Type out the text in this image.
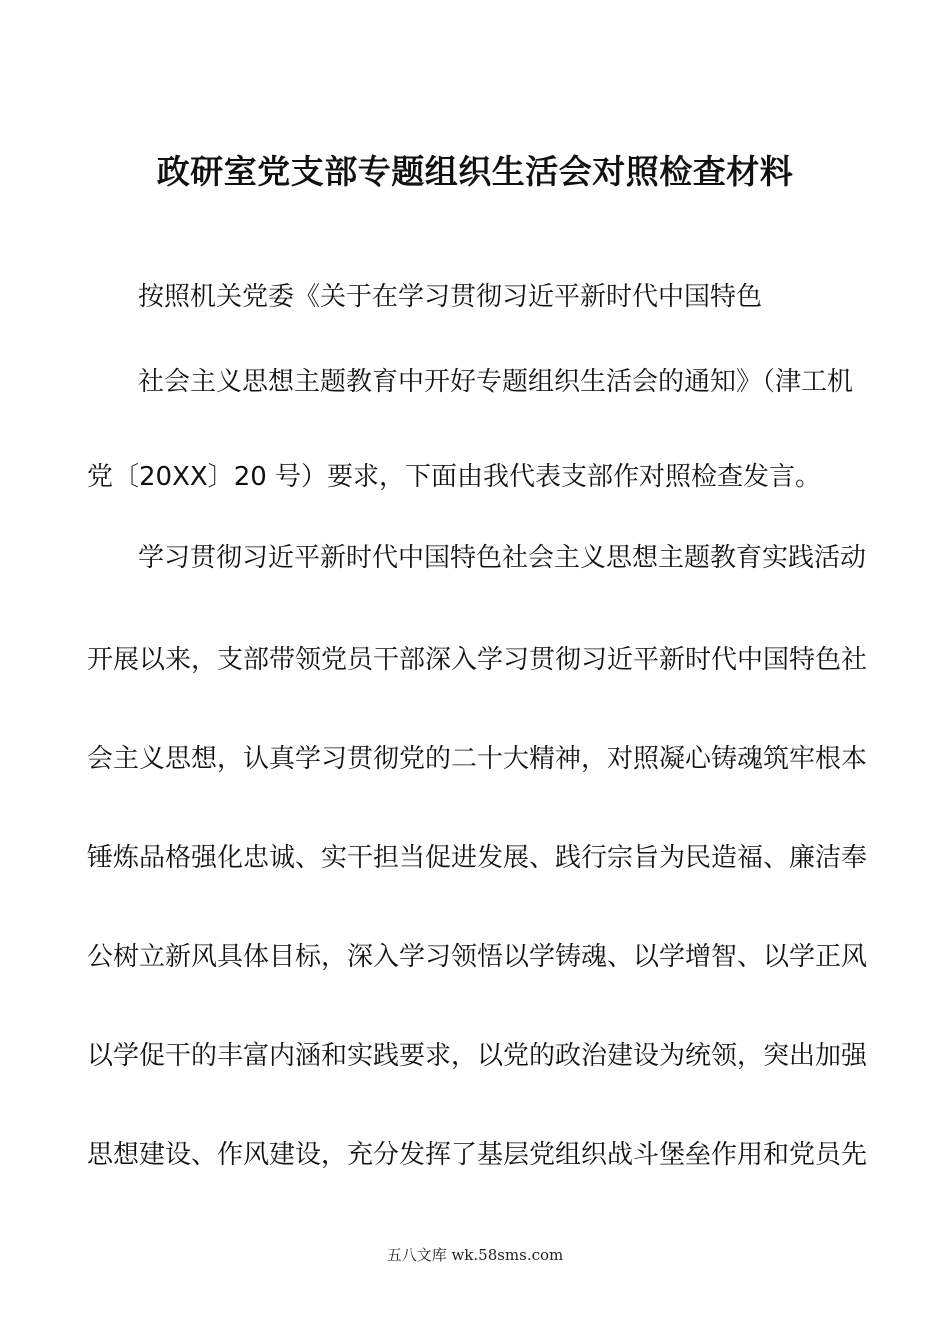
政研室党支部专题组织生活会对照检查材料
按照机关党委《关于在学习贯彻习近平新时代中国特色
社会主义思想主题教育中开好专题组织生活会的通知》（津工机
党〔20XX〕20 号）要求，下面由我代表支部作对照检查发言。
学习贯彻习近平新时代中国特色社会主义思想主题教育实践活动
开展以来，支部带领党员干部深入学习贯彻习近平新时代中国特色社
会主义思想，认真学习贯彻党的二十大精神，对照凝心铸魂筑牢根本
锤炼品格强化忠诚、实干担当促进发展、践行宗旨为民造福、廉洁奉
公树立新风具体目标，深入学习领悟以学铸魂、以学增智、以学正风
以学促干的丰富内涵和实践要求，以党的政治建设为统领，突出加强
思想建设、作风建设，充分发挥了基层党组织战斗堡垒作用和党员先
五八文库 wk.58sms.com
